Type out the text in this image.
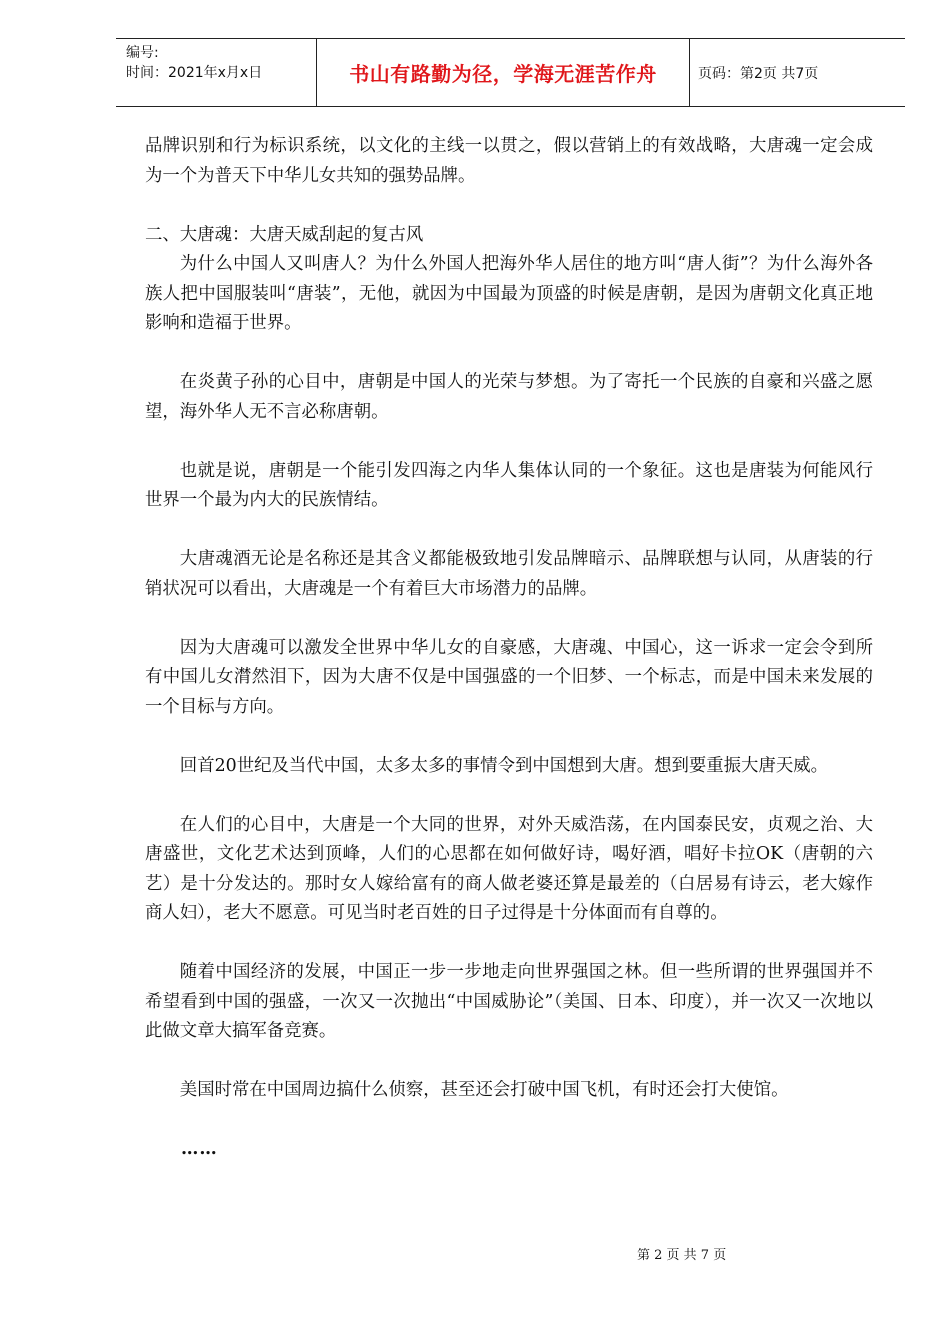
编号:
时间：2021年x月x日	书山有路勤为径，学海无涯苦作舟	页码：第2页 共7页

品牌识别和行为标识系统，以文化的主线一以贯之，假以营销上的有效战略，大唐魂一定会成为一个为普天下中华儿女共知的强势品牌。

二、大唐魂：大唐天威刮起的复古风

为什么中国人又叫唐人？为什么外国人把海外华人居住的地方叫“唐人街”？为什么海外各族人把中国服装叫“唐装”，无他，就因为中国最为顶盛的时候是唐朝，是因为唐朝文化真正地影响和造福于世界。

在炎黄子孙的心目中，唐朝是中国人的光荣与梦想。为了寄托一个民族的自豪和兴盛之愿望，海外华人无不言必称唐朝。

也就是说，唐朝是一个能引发四海之内华人集体认同的一个象征。这也是唐装为何能风行世界一个最为内大的民族情结。

大唐魂酒无论是名称还是其含义都能极致地引发品牌暗示、品牌联想与认同，从唐装的行销状况可以看出，大唐魂是一个有着巨大市场潜力的品牌。

因为大唐魂可以激发全世界中华儿女的自豪感，大唐魂、中国心，这一诉求一定会令到所有中国儿女潸然泪下，因为大唐不仅是中国强盛的一个旧梦、一个标志，而是中国未来发展的一个目标与方向。

回首20世纪及当代中国，太多太多的事情令到中国想到大唐。想到要重振大唐天威。

在人们的心目中，大唐是一个大同的世界，对外天威浩荡，在内国泰民安，贞观之治、大唐盛世，文化艺术达到顶峰，人们的心思都在如何做好诗，喝好酒，唱好卡拉OK（唐朝的六艺）是十分发达的。那时女人嫁给富有的商人做老婆还算是最差的（白居易有诗云，老大嫁作商人妇），老大不愿意。可见当时老百姓的日子过得是十分体面而有自尊的。

随着中国经济的发展，中国正一步一步地走向世界强国之林。但一些所谓的世界强国并不希望看到中国的强盛，一次又一次抛出“中国威胁论”（美国、日本、印度），并一次又一次地以此做文章大搞军备竞赛。

美国时常在中国周边搞什么侦察，甚至还会打破中国飞机，有时还会打大使馆。

……

第 2 页 共 7 页
